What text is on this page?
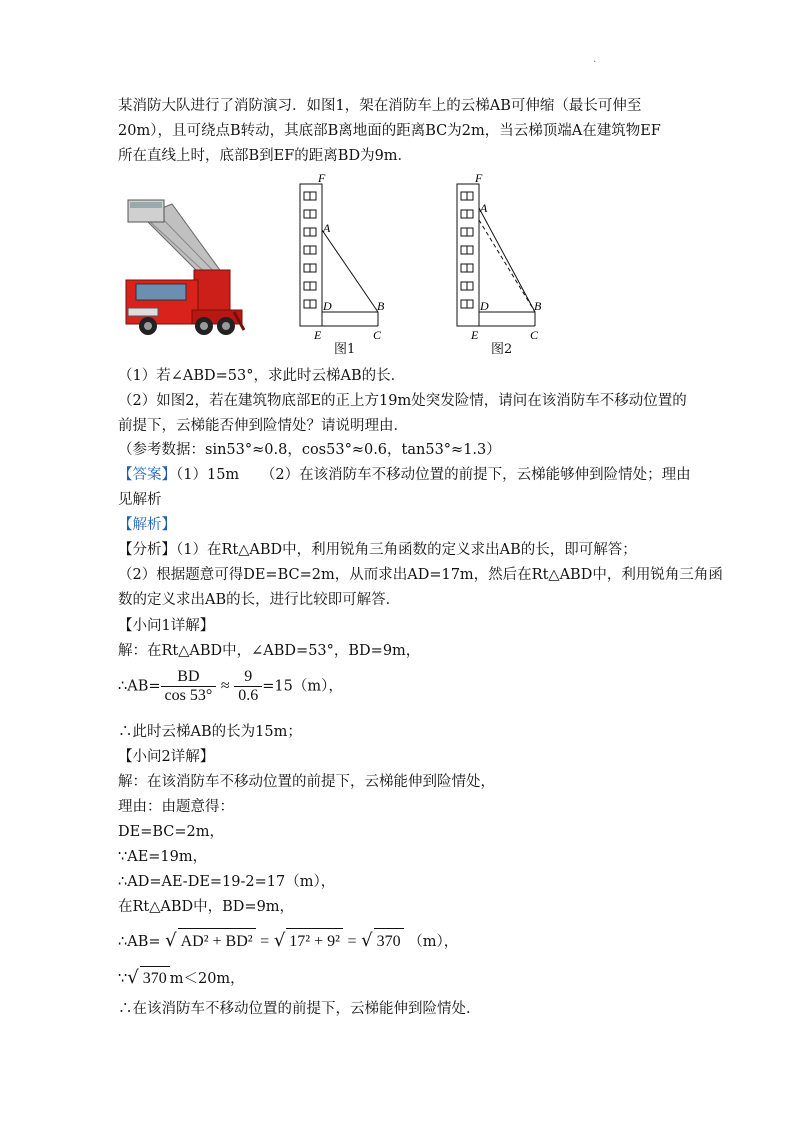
·
某消防大队进行了消防演习．如图1，架在消防车上的云梯AB可伸缩（最长可伸至
20m），且可绕点B转动，其底部B离地面的距离BC为2m，当云梯顶端A在建筑物EF
所在直线上时，底部B到EF的距离BD为9m．
F
A
D	B
E	C
图1
F
A
D	B
E	C
图2
（1）若∠ABD=53°，求此时云梯AB的长．
（2）如图2，若在建筑物底部E的正上方19m处突发险情，请问在该消防车不移动位置的
前提下，云梯能否伸到险情处？请说明理由．
（参考数据：sin53°≈0.8，cos53°≈0.6，tan53°≈1.3）
【答案】（1）15m　　（2）在该消防车不移动位置的前提下，云梯能够伸到险情处；理由
见解析
【解析】
【分析】（1）在Rt△ABD中，利用锐角三角函数的定义求出AB的长，即可解答；
（2）根据题意可得DE=BC=2m，从而求出AD=17m，然后在Rt△ABD中，利用锐角三角函
数的定义求出AB的长，进行比较即可解答．
【小问1详解】
解：在Rt△ABD中，∠ABD=53°，BD=9m，
∴AB= $\frac{BD}{\cos 53^\circ} \approx \frac{9}{0.6} =15(m)$，
∴此时云梯AB的长为15m；
【小问2详解】
解：在该消防车不移动位置的前提下，云梯能伸到险情处，
理由：由题意得：
DE=BC=2m，
∵AE=19m，
∴AD=AE-DE=19-2=17（m），
在Rt△ABD中，BD=9m，
∴AB= √ AD² + BD² = √ 17² + 9² = √ 370 （m），
∵√ 370 m＜20m，
∴在该消防车不移动位置的前提下，云梯能伸到险情处．
